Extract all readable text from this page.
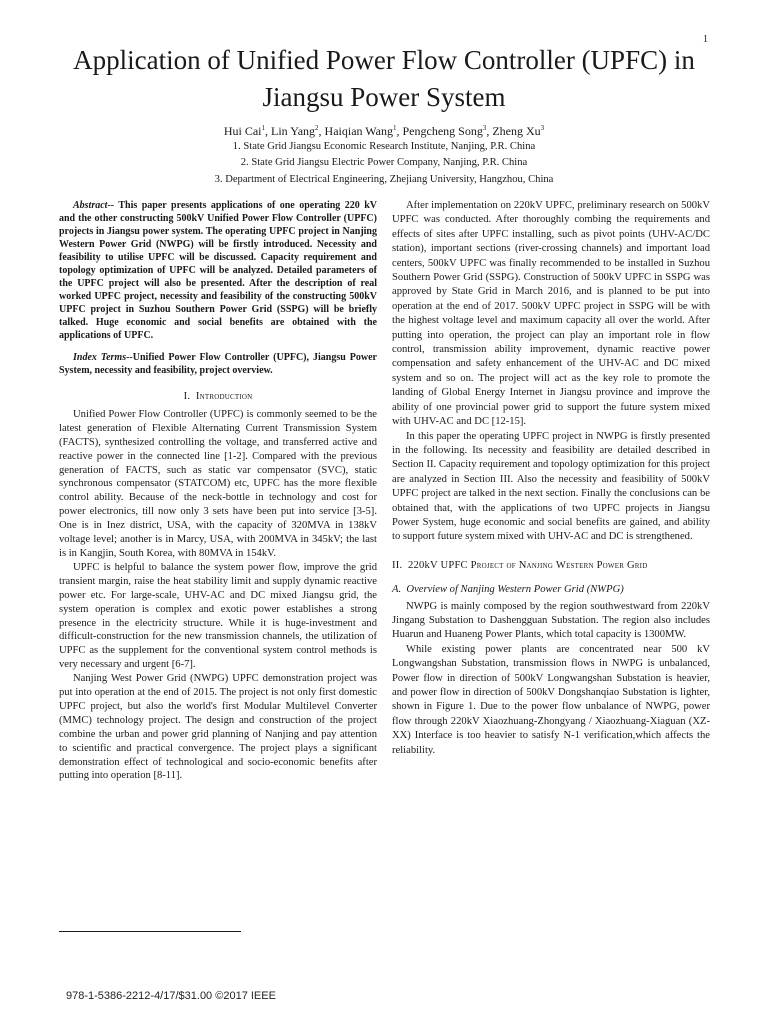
1
Application of Unified Power Flow Controller (UPFC) in Jiangsu Power System
Hui Cai$^1$, Lin Yang$^2$, Haiqian Wang$^1$, Pengcheng Song$^3$, Zheng Xu$^3$
1. State Grid Jiangsu Economic Research Institute, Nanjing, P.R. China
2. State Grid Jiangsu Electric Power Company, Nanjing, P.R. China
3. Department of Electrical Engineering, Zhejiang University, Hangzhou, China

Abstract-- This paper presents applications of one operating 220 kV and the other constructing 500kV Unified Power Flow Controller (UPFC) projects in Jiangsu power system. The operating UPFC project in Nanjing Western Power Grid (NWPG) will be firstly introduced. Necessity and feasibility to utilise UPFC will be discussed. Capacity requirement and topology optimization of UPFC will be analyzed. Detailed parameters of the UPFC project will also be presented. After the description of real worked UPFC project, necessity and feasibility of the constructing 500kV UPFC project in Suzhou Southern Power Grid (SSPG) will be briefly talked. Huge economic and social benefits are obtained with the applications of UPFC.

Index Terms--Unified Power Flow Controller (UPFC), Jiangsu Power System, necessity and feasibility, project overview.

I. Introduction

Unified Power Flow Controller (UPFC) is commonly seemed to be the latest generation of Flexible Alternating Current Transmission System (FACTS), synthesized controlling the voltage, and transferred active and reactive power in the connected line [1-2]. Compared with the previous generation of FACTS, such as static var compensator (SVC), static synchronous compensator (STATCOM) etc, UPFC has the more flexible control ability. Because of the neck-bottle in technology and cost for power electronics, till now only 3 sets have been put into service [3-5]. One is in Inez district, USA, with the capacity of 320MVA in 138kV voltage level; another is in Marcy, USA, with 200MVA in 345kV; the last is in Kangjin, South Korea, with 80MVA in 154kV.

UPFC is helpful to balance the system power flow, improve the grid transient margin, raise the heat stability limit and supply dynamic reactive power etc. For large-scale, UHV-AC and DC mixed Jiangsu grid, the system operation is complex and exotic power establishes a strong presence in the electricity structure. While it is huge-investment and difficult-construction for the new transmission channels, the utilization of UPFC as the supplement for the conventional system control methods is very necessary and urgent [6-7].

Nanjing West Power Grid (NWPG) UPFC demonstration project was put into operation at the end of 2015. The project is not only first domestic UPFC project, but also the world's first Modular Multilevel Converter (MMC) technology project. The design and construction of the project combine the urban and power grid planning of Nanjing and pay attention to scientific and practical convergence. The project plays a significant demonstration effect of technological and socio-economic benefits after putting into operation [8-11].

After implementation on 220kV UPFC, preliminary research on 500kV UPFC was conducted. After thoroughly combing the requirements and effects of sites after UPFC installing, such as pivot points (UHV-AC/DC station), important sections (river-crossing channels) and important load centers, 500kV UPFC was finally recommended to be installed in Suzhou Southern Power Grid (SSPG). Construction of 500kV UPFC in SSPG was approved by State Grid in March 2016, and is planned to be put into operation at the end of 2017. 500kV UPFC project in SSPG will be with the highest voltage level and maximum capacity all over the world. After putting into operation, the project can play an important role in flow control, transmission ability improvement, dynamic reactive power compensation and safety enhancement of the UHV-AC and DC mixed system and so on. The project will act as the key role to promote the landing of Global Energy Internet in Jiangsu province and improve the ability of one provincial power grid to support the future system mixed with UHV-AC and DC [12-15].

In this paper the operating UPFC project in NWPG is firstly presented in the following. Its necessity and feasibility are detailed described in Section II. Capacity requirement and topology optimization for this project are analyzed in Section III. Also the necessity and feasibility of 500kV UPFC project are talked in the next section. Finally the conclusions can be obtained that, with the applications of two UPFC projects in Jiangsu Power System, huge economic and social benefits are gained, and ability to support future system mixed with UHV-AC and DC is strengthened.

II. 220kV UPFC Project of Nanjing Western Power Grid

A. Overview of Nanjing Western Power Grid (NWPG)

NWPG is mainly composed by the region southwestward from 220kV Jingang Substation to Dashengguan Substation. The region also includes Huarun and Huaneng Power Plants, which total capacity is 1300MW.

While existing power plants are concentrated near 500 kV Longwangshan Substation, transmission flows in NWPG is unbalanced, Power flow in direction of 500kV Longwangshan Substation is heavier, and power flow in direction of 500kV Dongshanqiao Substation is lighter, shown in Figure 1. Due to the power flow unbalance of NWPG, power flow through 220kV Xiaozhuang-Zhongyang / Xiaozhuang-Xiaguan (XZ-XX) Interface is too heavier to satisfy N-1 verification,which affects the reliability.

978-1-5386-2212-4/17/$31.00 ©2017 IEEE
